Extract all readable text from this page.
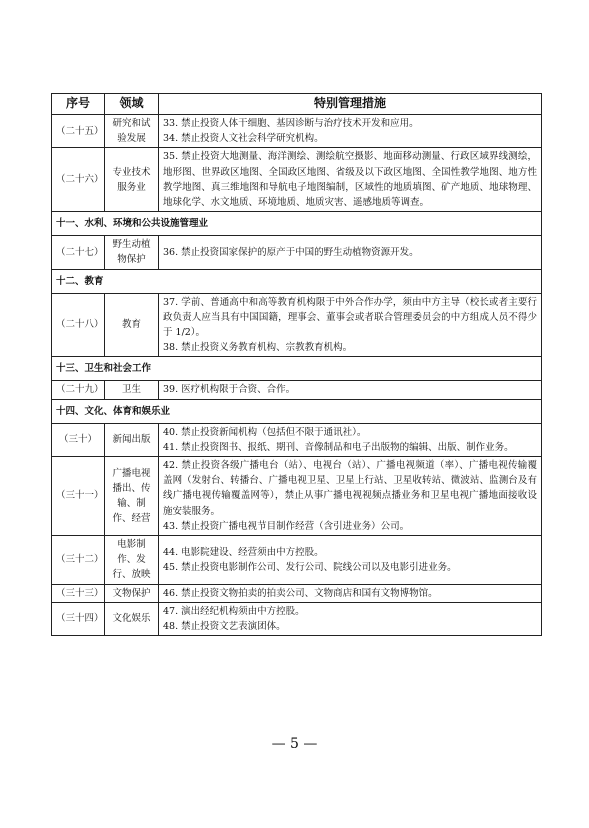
序号	领域	特别管理措施
（二十五）	研究和试验发展	33. 禁止投资人体干细胞、基因诊断与治疗技术开发和应用。
34. 禁止投资人文社会科学研究机构。

（二十六）	专业技术服务业	35. 禁止投资大地测量、海洋测绘、测绘航空摄影、地面移动测量、行政区域界线测绘，地形图、世界政区地图、全国政区地图、省级及以下政区地图、全国性教学地图、地方性教学地图、真三维地图和导航电子地图编制，区域性的地质填图、矿产地质、地球物理、地球化学、水文地质、环境地质、地质灾害、遥感地质等调查。

十一、水利、环境和公共设施管理业		
（二十七）	野生动植物保护	36. 禁止投资国家保护的原产于中国的野生动植物资源开发。

十二、教育		
（二十八）	教育	37. 学前、普通高中和高等教育机构限于中外合作办学，须由中方主导（校长或者主要行政负责人应当具有中国国籍，理事会、董事会或者联合管理委员会的中方组成人员不得少于 1/2）。
38. 禁止投资义务教育机构、宗教教育机构。

十三、卫生和社会工作		
（二十九）	卫生	39. 医疗机构限于合资、合作。

十四、文化、体育和娱乐业		
（三十）	新闻出版	40. 禁止投资新闻机构（包括但不限于通讯社）。
41. 禁止投资图书、报纸、期刊、音像制品和电子出版物的编辑、出版、制作业务。

（三十一）	广播电视播出、传输、制作、经营	42. 禁止投资各级广播电台（站）、电视台（站）、广播电视频道（率）、广播电视传输覆盖网（发射台、转播台、广播电视卫星、卫星上行站、卫星收转站、微波站、监测台及有线广播电视传输覆盖网等），禁止从事广播电视视频点播业务和卫星电视广播地面接收设施安装服务。
43. 禁止投资广播电视节目制作经营（含引进业务）公司。

（三十二）	电影制作、发行、放映	44. 电影院建设、经营须由中方控股。
45. 禁止投资电影制作公司、发行公司、院线公司以及电影引进业务。

（三十三）	文物保护	46. 禁止投资文物拍卖的拍卖公司、文物商店和国有文物博物馆。

（三十四）	文化娱乐	47. 演出经纪机构须由中方控股。
48. 禁止投资文艺表演团体。
— 5 —
